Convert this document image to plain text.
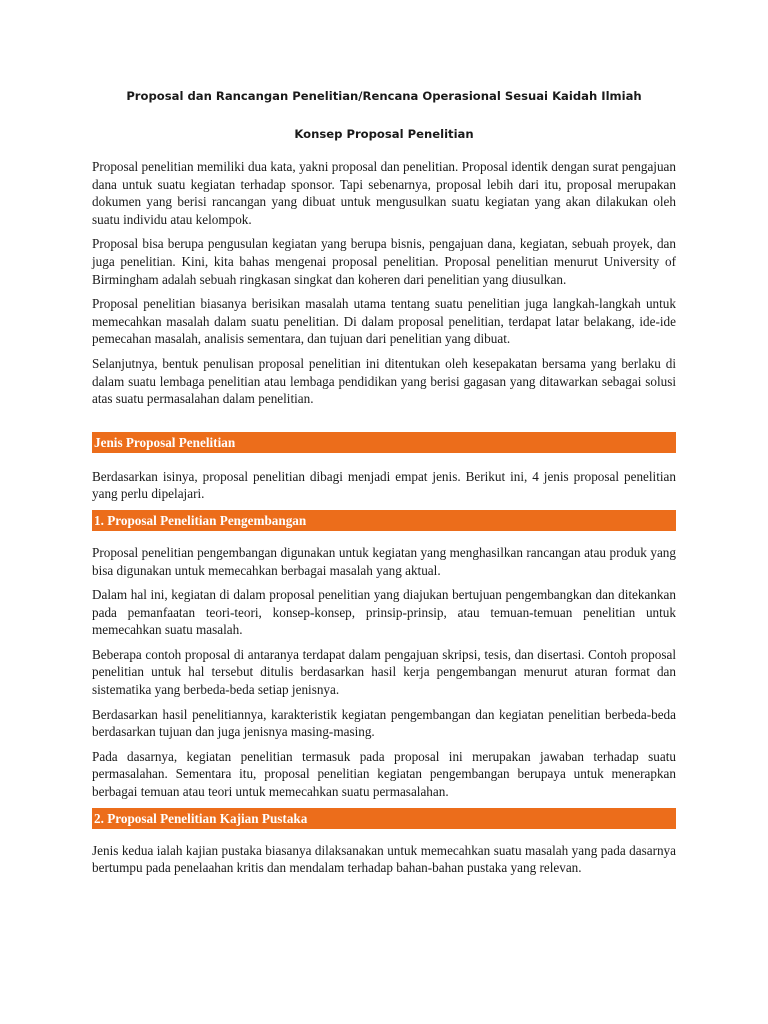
Proposal dan Rancangan Penelitian/Rencana Operasional Sesuai Kaidah Ilmiah
Konsep Proposal Penelitian

Proposal penelitian memiliki dua kata, yakni proposal dan penelitian. Proposal identik dengan surat pengajuan dana untuk suatu kegiatan terhadap sponsor. Tapi sebenarnya, proposal lebih dari itu, proposal merupakan dokumen yang berisi rancangan yang dibuat untuk mengusulkan suatu kegiatan yang akan dilakukan oleh suatu individu atau kelompok.

Proposal bisa berupa pengusulan kegiatan yang berupa bisnis, pengajuan dana, kegiatan, sebuah proyek, dan juga penelitian. Kini, kita bahas mengenai proposal penelitian. Proposal penelitian menurut University of Birmingham adalah sebuah ringkasan singkat dan koheren dari penelitian yang diusulkan.

Proposal penelitian biasanya berisikan masalah utama tentang suatu penelitian juga langkah-langkah untuk memecahkan masalah dalam suatu penelitian. Di dalam proposal penelitian, terdapat latar belakang, ide-ide pemecahan masalah, analisis sementara, dan tujuan dari penelitian yang dibuat.

Selanjutnya, bentuk penulisan proposal penelitian ini ditentukan oleh kesepakatan bersama yang berlaku di dalam suatu lembaga penelitian atau lembaga pendidikan yang berisi gagasan yang ditawarkan sebagai solusi atas suatu permasalahan dalam penelitian.

Jenis Proposal Penelitian

Berdasarkan isinya, proposal penelitian dibagi menjadi empat jenis. Berikut ini, 4 jenis proposal penelitian yang perlu dipelajari.

1. Proposal Penelitian Pengembangan

Proposal penelitian pengembangan digunakan untuk kegiatan yang menghasilkan rancangan atau produk yang bisa digunakan untuk memecahkan berbagai masalah yang aktual.

Dalam hal ini, kegiatan di dalam proposal penelitian yang diajukan bertujuan pengembangkan dan ditekankan pada pemanfaatan teori-teori, konsep-konsep, prinsip-prinsip, atau temuan-temuan penelitian untuk memecahkan suatu masalah.

Beberapa contoh proposal di antaranya terdapat dalam pengajuan skripsi, tesis, dan disertasi. Contoh proposal penelitian untuk hal tersebut ditulis berdasarkan hasil kerja pengembangan menurut aturan format dan sistematika yang berbeda-beda setiap jenisnya.

Berdasarkan hasil penelitiannya, karakteristik kegiatan pengembangan dan kegiatan penelitian berbeda-beda berdasarkan tujuan dan juga jenisnya masing-masing.

Pada dasarnya, kegiatan penelitian termasuk pada proposal ini merupakan jawaban terhadap suatu permasalahan. Sementara itu, proposal penelitian kegiatan pengembangan berupaya untuk menerapkan berbagai temuan atau teori untuk memecahkan suatu permasalahan.

2. Proposal Penelitian Kajian Pustaka

Jenis kedua ialah kajian pustaka biasanya dilaksanakan untuk memecahkan suatu masalah yang pada dasarnya bertumpu pada penelaahan kritis dan mendalam terhadap bahan-bahan pustaka yang relevan.
